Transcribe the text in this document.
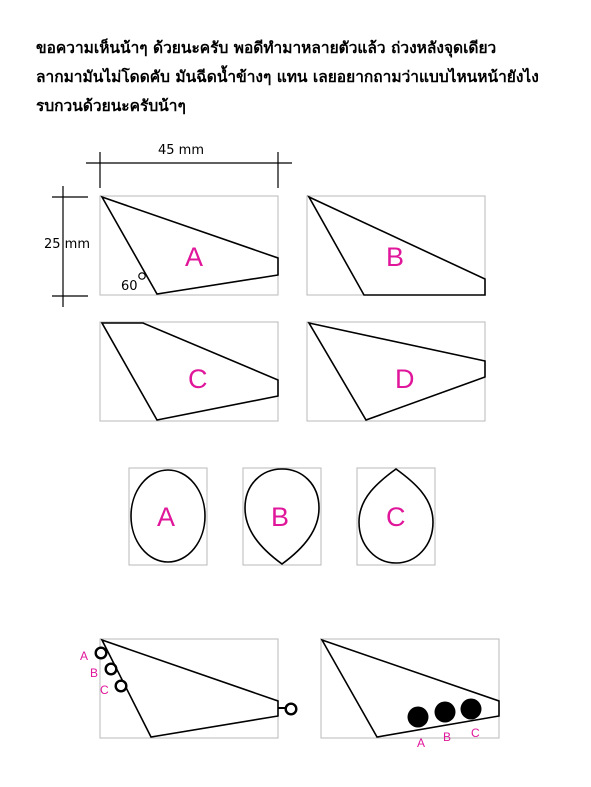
ขอความเห็นน้าๆ ด้วยนะครับ พอดีทำมาหลายตัวแล้ว ถ่วงหลังจุดเดียว
ลากมามันไม่โดดคับ มันฉีดน้ำข้างๆ แทน เลยอยากถามว่าแบบไหนหน้ายังไง
รบกวนด้วยนะครับน้าๆ
45 mm
25 mm	A
60
B
C	D
A	B	C
A
B
C
A B C
